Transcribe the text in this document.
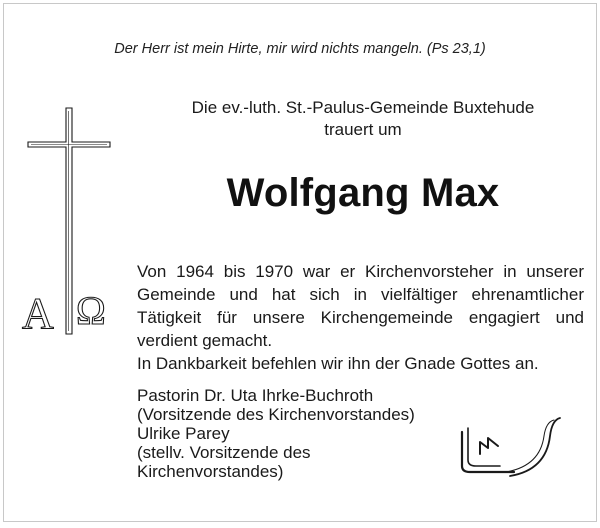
Der Herr ist mein Hirte, mir wird nichts mangeln. (Ps 23,1)
A Ω
Die ev.-luth. St.-Paulus-Gemeinde Buxtehude
trauert um
Wolfgang Max

Von 1964 bis 1970 war er Kirchenvorsteher in unserer Gemeinde und hat sich in vielfältiger ehrenamtlicher Tätigkeit für unsere Kirchengemeinde engagiert und verdient gemacht.

In Dankbarkeit befehlen wir ihn der Gnade Gottes an.

Pastorin Dr. Uta Ihrke-Buchroth
(Vorsitzende des Kirchenvorstandes)
Ulrike Parey
(stellv. Vorsitzende des
Kirchenvorstandes)
